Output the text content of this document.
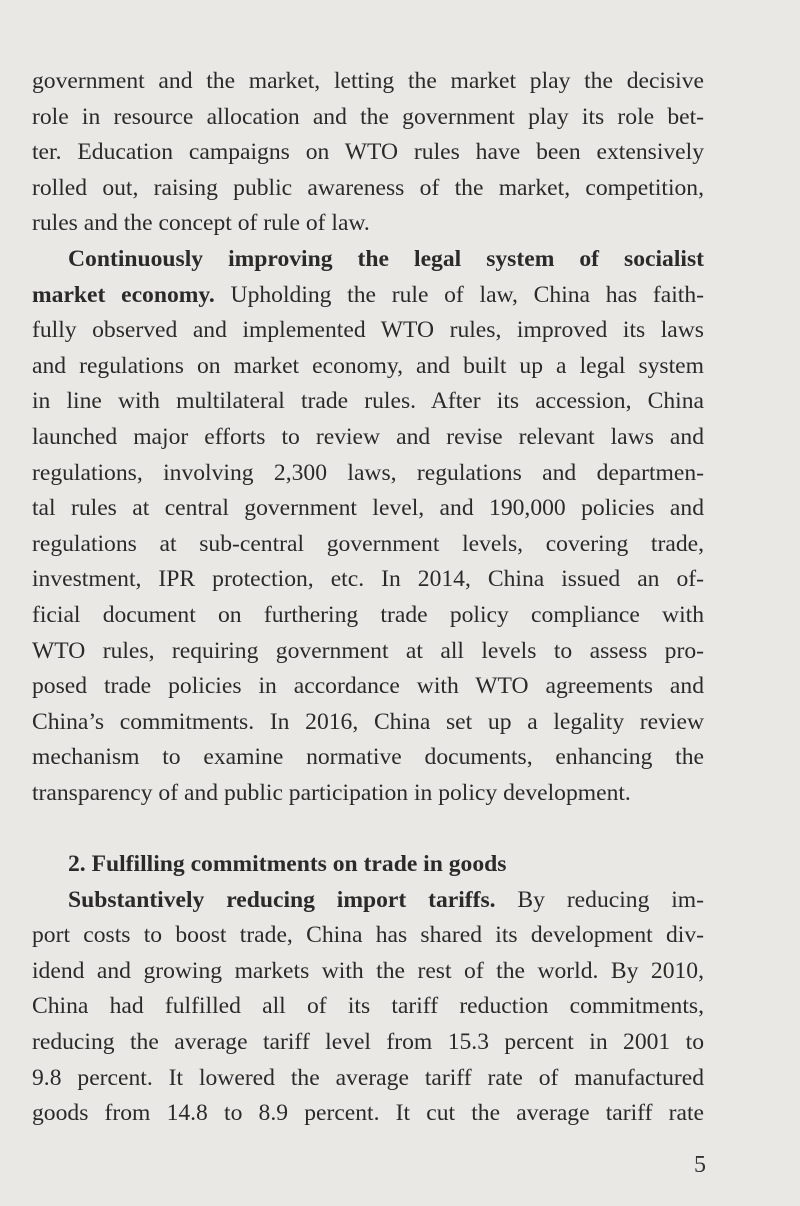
government and the market, letting the market play the decisive
role in resource allocation and the government play its role bet-
ter. Education campaigns on WTO rules have been extensively
rolled out, raising public awareness of the market, competition,
rules and the concept of rule of law.
Continuously improving the legal system of socialist
market economy. Upholding the rule of law, China has faith-
fully observed and implemented WTO rules, improved its laws
and regulations on market economy, and built up a legal system
in line with multilateral trade rules. After its accession, China
launched major efforts to review and revise relevant laws and
regulations, involving 2,300 laws, regulations and departmen-
tal rules at central government level, and 190,000 policies and
regulations at sub-central government levels, covering trade,
investment, IPR protection, etc. In 2014, China issued an of-
ficial document on furthering trade policy compliance with
WTO rules, requiring government at all levels to assess pro-
posed trade policies in accordance with WTO agreements and
China’s commitments. In 2016, China set up a legality review
mechanism to examine normative documents, enhancing the
transparency of and public participation in policy development.
2. Fulfilling commitments on trade in goods
Substantively reducing import tariffs. By reducing im-
port costs to boost trade, China has shared its development div-
idend and growing markets with the rest of the world. By 2010,
China had fulfilled all of its tariff reduction commitments,
reducing the average tariff level from 15.3 percent in 2001 to
9.8 percent. It lowered the average tariff rate of manufactured
goods from 14.8 to 8.9 percent. It cut the average tariff rate
5
